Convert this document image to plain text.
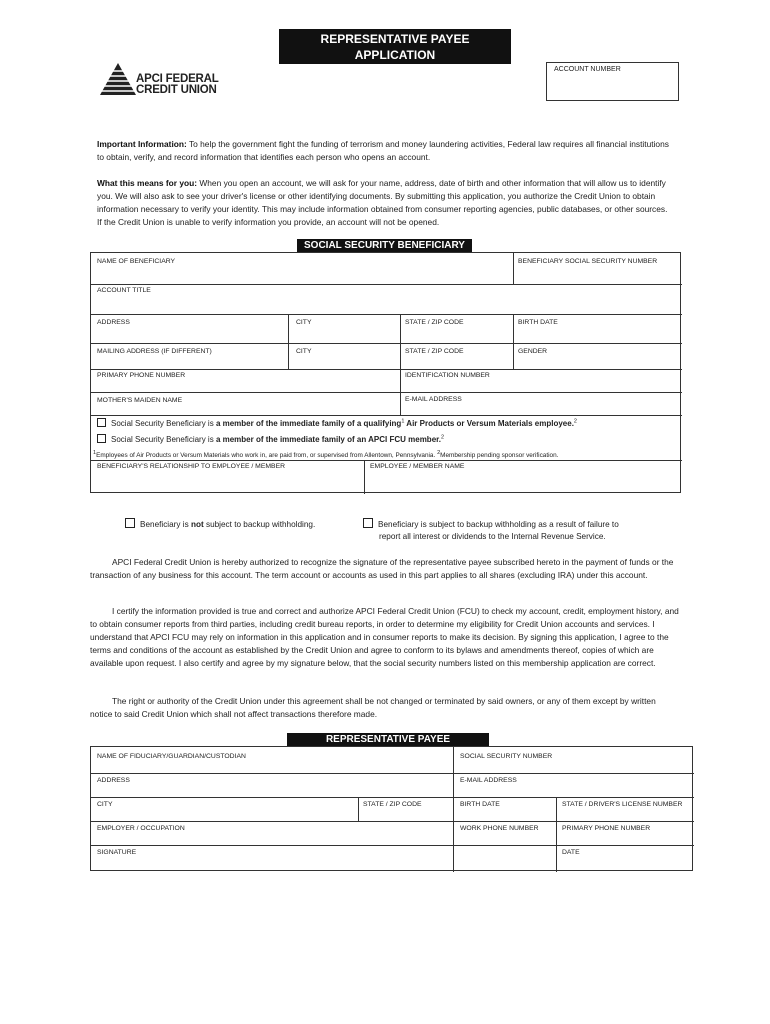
REPRESENTATIVE PAYEE
APPLICATION
APCI FEDERAL
CREDIT UNION
ACCOUNT NUMBER
Important Information: To help the government fight the funding of terrorism and money laundering activities, Federal law requires all financial institutions to obtain, verify, and record information that identifies each person who opens an account.
What this means for you: When you open an account, we will ask for your name, address, date of birth and other information that will allow us to identify you. We will also ask to see your driver's license or other identifying documents. By submitting this application, you authorize the Credit Union to obtain information necessary to verify your identity. This may include information obtained from consumer reporting agencies, public databases, or other sources. If the Credit Union is unable to verify information you provide, an account will not be opened.
SOCIAL SECURITY BENEFICIARY
NAME OF BENEFICIARY	BENEFICIARY SOCIAL SECURITY NUMBER
ACCOUNT TITLE
ADDRESS	CITY	STATE / ZIP CODE	BIRTH DATE
MAILING ADDRESS (IF DIFFERENT)	CITY	STATE / ZIP CODE	GENDER
PRIMARY PHONE NUMBER	IDENTIFICATION NUMBER
MOTHER'S MAIDEN NAME	E-MAIL ADDRESS
Social Security Beneficiary is a member of the immediate family of a qualifying$^1$ Air Products or Versum Materials employee.$^2$
Social Security Beneficiary is a member of the immediate family of an APCI FCU member.$^2$
$^1$Employees of Air Products or Versum Materials who work in, are paid from, or supervised from Allentown, Pennsylvania. $^2$Membership pending sponsor verification.
BENEFICIARY'S RELATIONSHIP TO EMPLOYEE / MEMBER	EMPLOYEE / MEMBER NAME
Beneficiary is not subject to backup withholding.	Beneficiary is subject to backup withholding as a result of failure to
report all interest or dividends to the Internal Revenue Service.
APCI Federal Credit Union is hereby authorized to recognize the signature of the representative payee subscribed hereto in the payment of funds or the transaction of any business for this account. The term account or accounts as used in this part applies to all shares (excluding IRA) under this account.
I certify the information provided is true and correct and authorize APCI Federal Credit Union (FCU) to check my account, credit, employment history, and to obtain consumer reports from third parties, including credit bureau reports, in order to determine my eligibility for Credit Union accounts and services. I understand that APCI FCU may rely on information in this application and in consumer reports to make its decision. By signing this application, I agree to the terms and conditions of the account as established by the Credit Union and agree to conform to its bylaws and amendments thereof, copies of which are available upon request. I also certify and agree by my signature below, that the social security numbers listed on this membership application are correct.
The right or authority of the Credit Union under this agreement shall be not changed or terminated by said owners, or any of them except by written notice to said Credit Union which shall not affect transactions therefore made.
REPRESENTATIVE PAYEE
NAME OF FIDUCIARY/GUARDIAN/CUSTODIAN	SOCIAL SECURITY NUMBER
ADDRESS	E-MAIL ADDRESS
CITY	STATE / ZIP CODE	BIRTH DATE	STATE / DRIVER'S LICENSE NUMBER
EMPLOYER / OCCUPATION	WORK PHONE NUMBER	PRIMARY PHONE NUMBER
SIGNATURE	DATE
